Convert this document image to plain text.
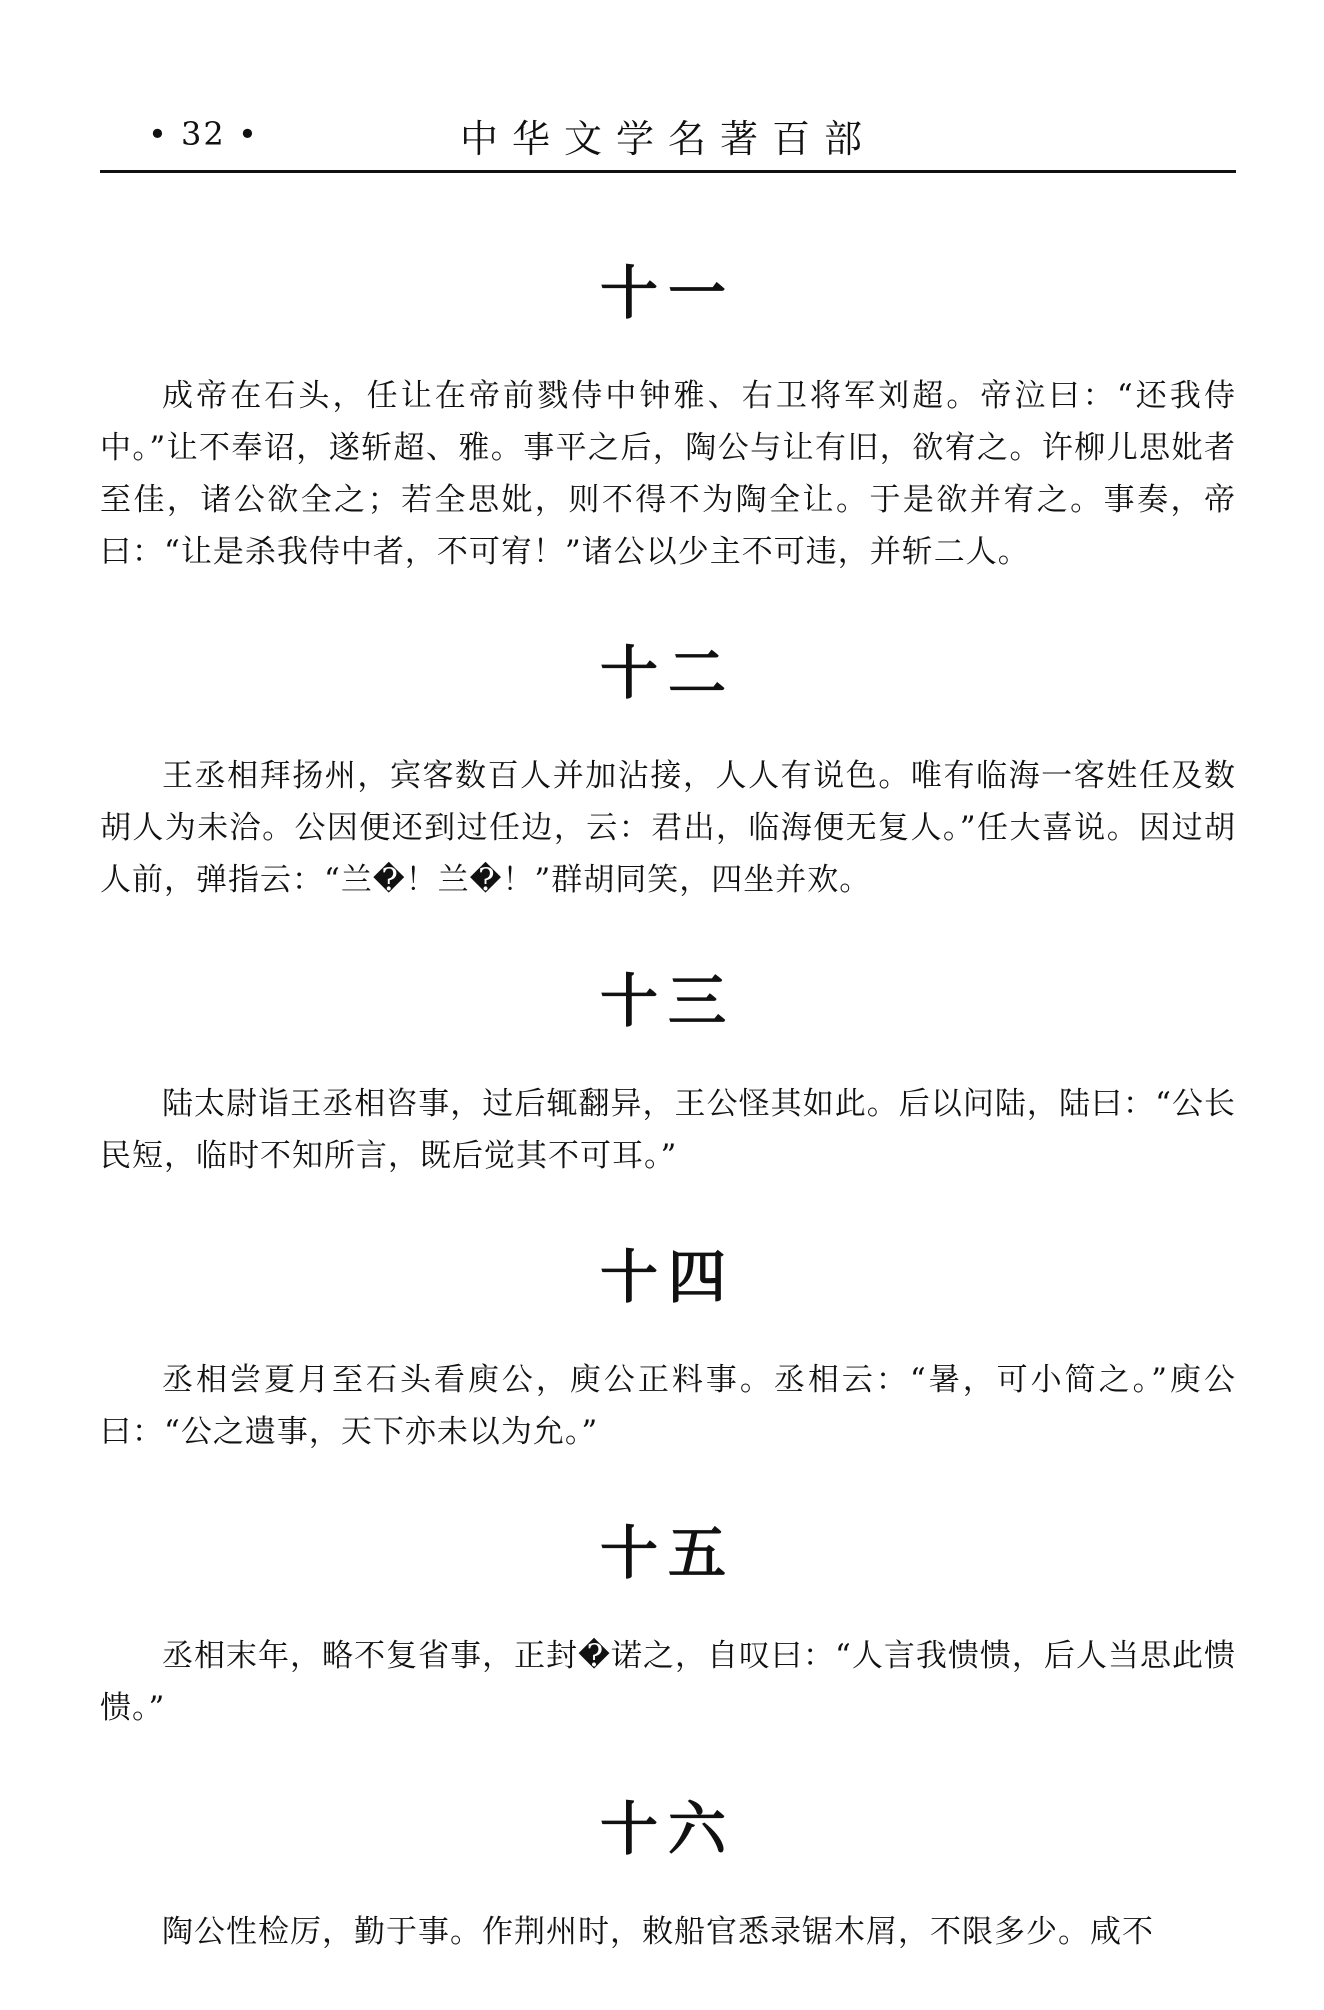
• 32 •	中华文学名著百部
十一

成帝在石头，任让在帝前戮侍中钟雅、右卫将军刘超。帝泣曰：“还我侍中。”让不奉诏，遂斩超、雅。事平之后，陶公与让有旧，欲宥之。许柳儿思妣者至佳，诸公欲全之；若全思妣，则不得不为陶全让。于是欲并宥之。事奏，帝曰：“让是杀我侍中者，不可宥！”诸公以少主不可违，并斩二人。

十二

王丞相拜扬州，宾客数百人并加沾接，人人有说色。唯有临海一客姓任及数胡人为未洽。公因便还到过任边，云：君出，临海便无复人。”任大喜说。因过胡人前，弹指云：“兰�！兰�！”群胡同笑，四坐并欢。

十三

陆太尉诣王丞相咨事，过后辄翻异，王公怪其如此。后以问陆，陆曰：“公长民短，临时不知所言，既后觉其不可耳。”

十四

丞相尝夏月至石头看庾公，庾公正料事。丞相云：“暑，可小简之。”庾公曰：“公之遗事，天下亦未以为允。”

十五

丞相末年，略不复省事，正封�诺之，自叹曰：“人言我愦愦，后人当思此愦愦。”

十六

陶公性检厉，勤于事。作荆州时，敕船官悉录锯木屑，不限多少。咸不
